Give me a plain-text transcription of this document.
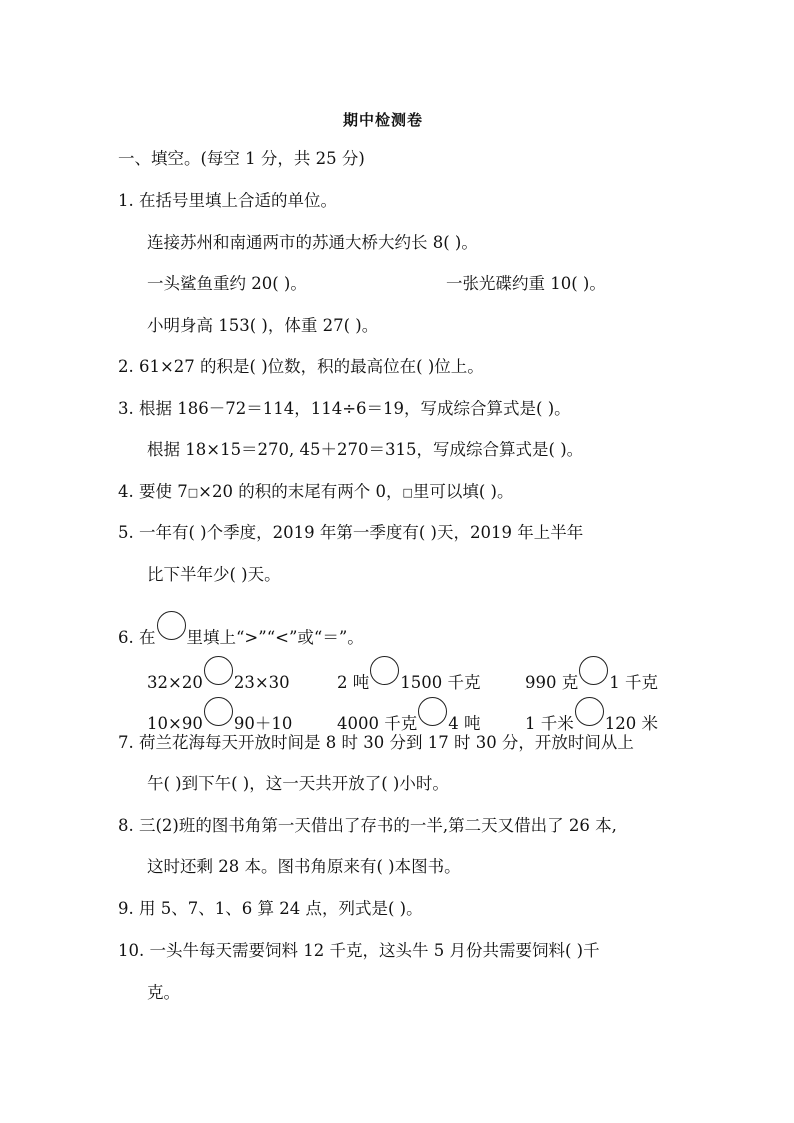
期中检测卷
一、填空。(每空 1 分，共 25 分)
1. 在括号里填上合适的单位。
连接苏州和南通两市的苏通大桥大约长 8( )。
一头鲨鱼重约 20( )。	一张光碟约重 10( )。
小明身高 153( )，体重 27( )。
2. 61×27 的积是( )位数，积的最高位在( )位上。
3. 根据 186－72＝114，114÷6＝19，写成综合算式是( )。
根据 18×15＝270, 45＋270＝315，写成综合算式是( )。
4. 要使 7□×20 的积的末尾有两个 0，□里可以填( )。
5. 一年有( )个季度，2019 年第一季度有( )天，2019 年上半年
比下半年少( )天。
6. 在 里填上“>”“<”或“＝”。
32×20 23×30	2 吨 1500 千克	990 克 1 千克
10×90 90＋10	4000 千克 4 吨	1 千米 120 米
7. 荷兰花海每天开放时间是 8 时 30 分到 17 时 30 分，开放时间从上
午( )到下午( )，这一天共开放了( )小时。
8. 三(2)班的图书角第一天借出了存书的一半,第二天又借出了 26 本,
这时还剩 28 本。图书角原来有( )本图书。
9. 用 5、7、1、6 算 24 点，列式是( )。
10. 一头牛每天需要饲料 12 千克，这头牛 5 月份共需要饲料( )千
克。
